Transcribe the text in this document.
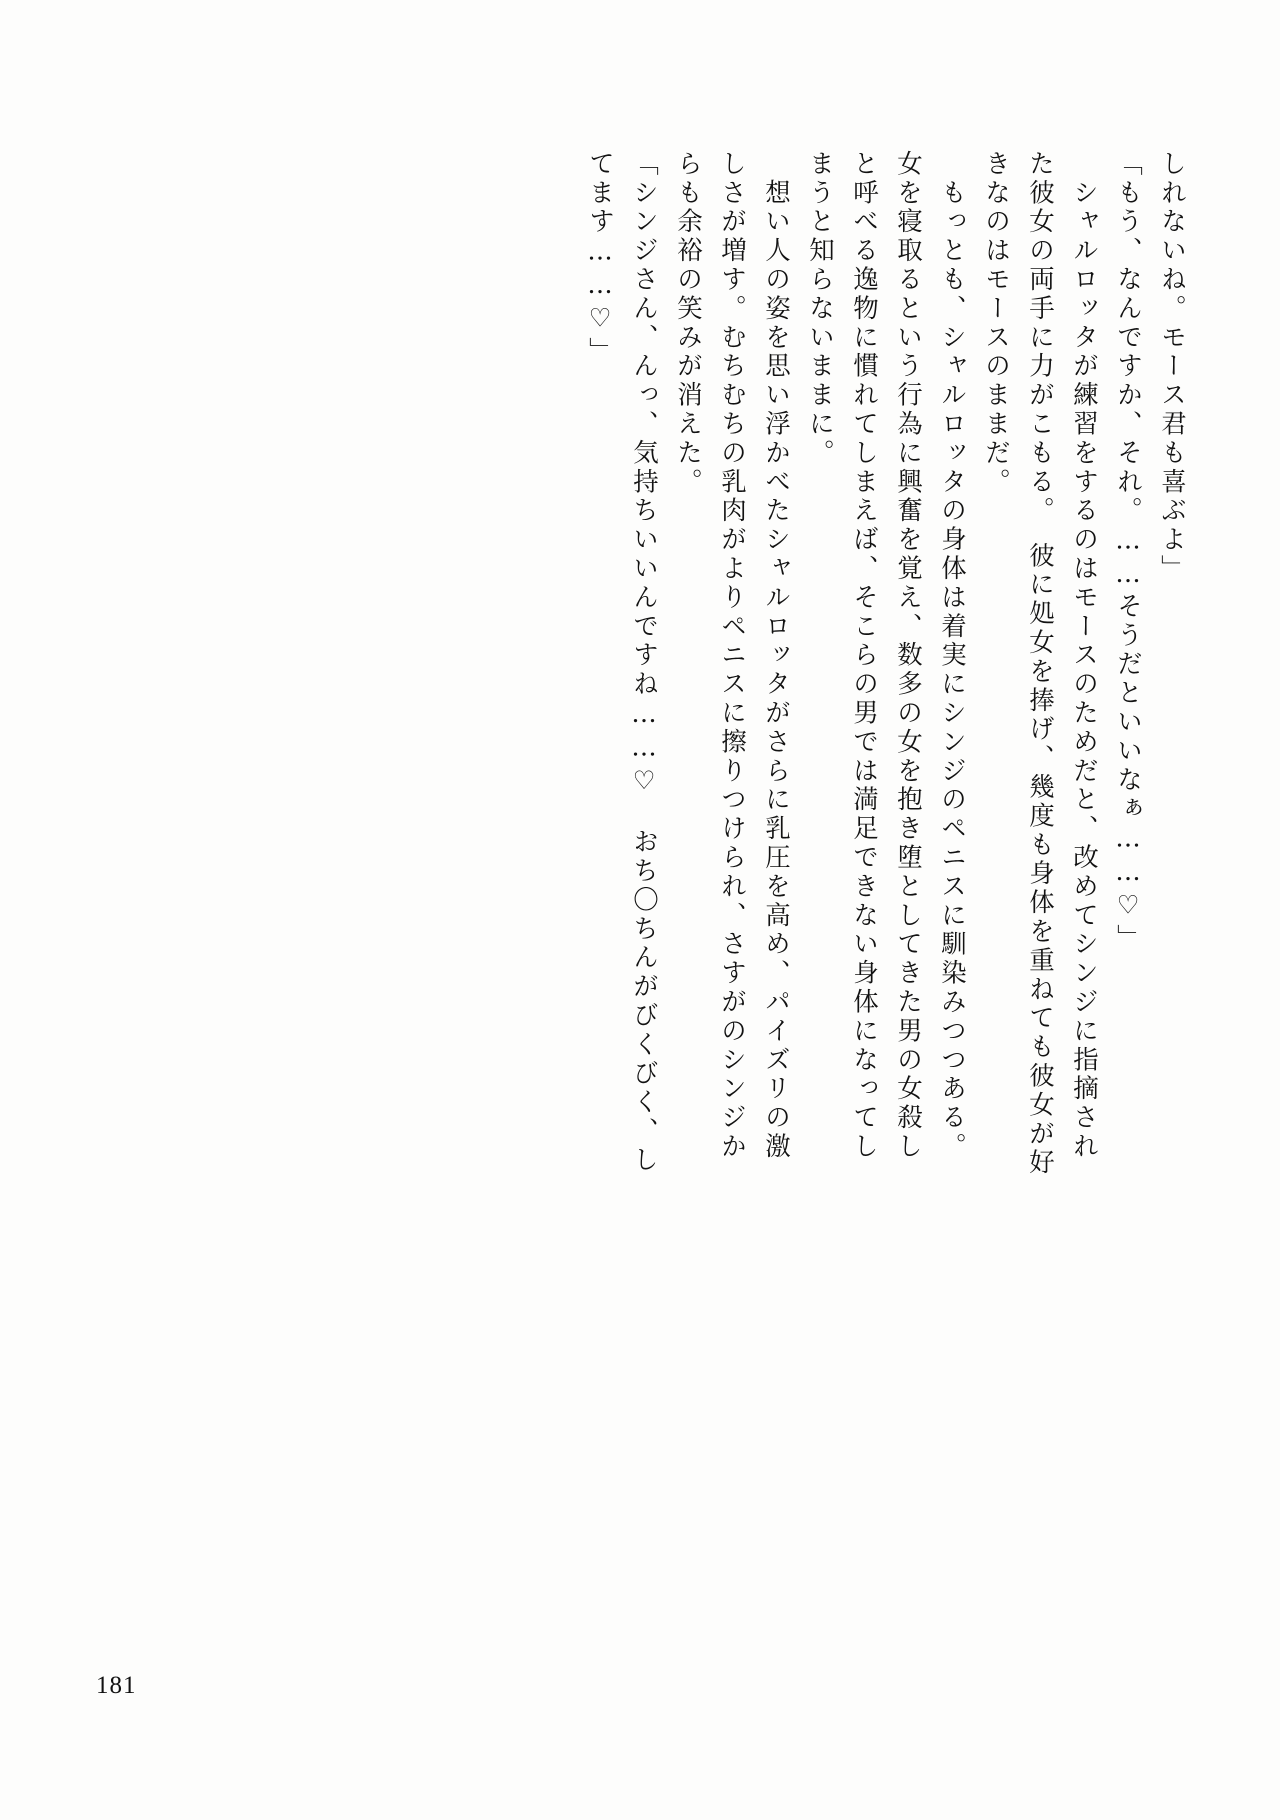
しれないね。モース君も喜ぶよ」
「もう、なんですか、それ。……そうだといいなぁ……♡」
　シャルロッタが練習をするのはモースのためだと、改めてシンジに指摘され
た彼女の両手に力がこもる。　彼に処女を捧げ、幾度も身体を重ねても彼女が好
きなのはモースのままだ。
　もっとも、シャルロッタの身体は着実にシンジのペニスに馴染みつつある。
女を寝取るという行為に興奮を覚え、数多の女を抱き堕としてきた男の女殺し
と呼べる逸物に慣れてしまえば、そこらの男では満足できない身体になってし
まうと知らないままに。
　想い人の姿を思い浮かべたシャルロッタがさらに乳圧を高め、パイズリの激
しさが増す。むちむちの乳肉がよりペニスに擦りつけられ、さすがのシンジか
らも余裕の笑みが消えた。
「シンジさん、んっ、気持ちいいんですね……♡　おち〇ちんがびくびく、し
てます……♡」
181
